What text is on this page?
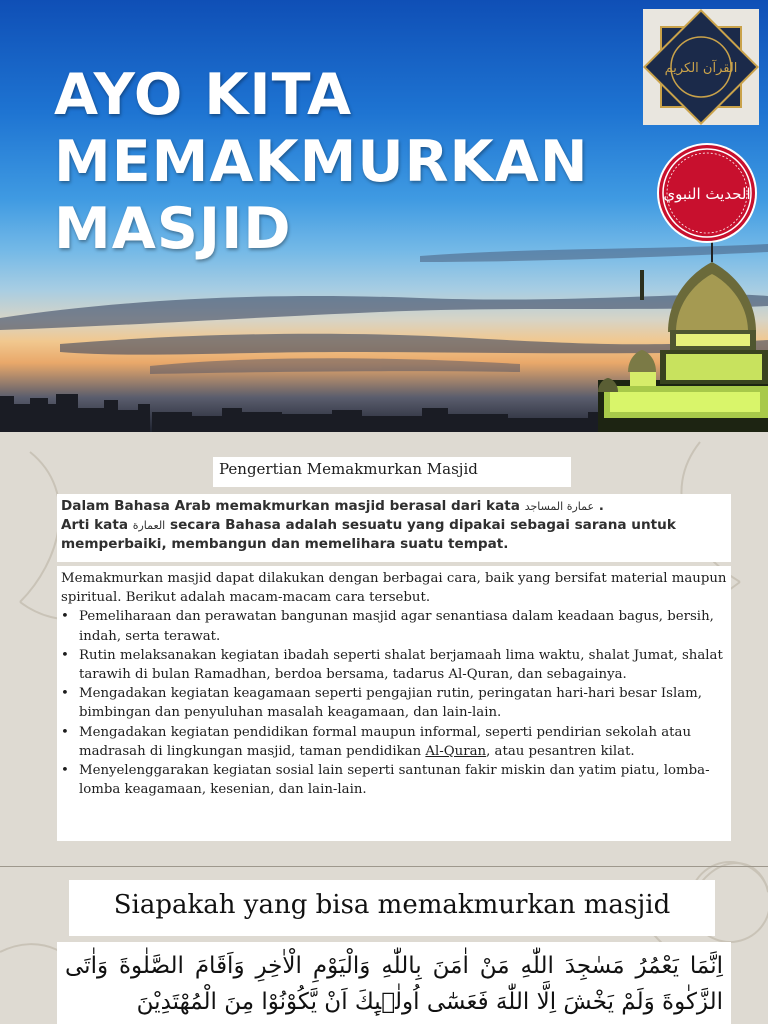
AYO KITA
MEMAKMURKAN
MASJID
القرآن الكريم
الحديث النبوي
Pengertian Memakmurkan Masjid

Dalam Bahasa Arab memakmurkan masjid berasal dari kata عمارة المساجد .

Arti kata العمارة secara Bahasa adalah sesuatu yang dipakai sebagai sarana untuk

memperbaiki, membangun dan memelihara suatu tempat.

Memakmurkan masjid dapat dilakukan dengan berbagai cara, baik yang bersifat material maupun spiritual. Berikut adalah macam-macam cara tersebut.

• Pemeliharaan dan perawatan bangunan masjid agar senantiasa dalam keadaan bagus, bersih, indah, serta terawat.
• Rutin melaksanakan kegiatan ibadah seperti shalat berjamaah lima waktu, shalat Jumat, shalat tarawih di bulan Ramadhan, berdoa bersama, tadarus Al-Quran, dan sebagainya.
• Mengadakan kegiatan keagamaan seperti pengajian rutin, peringatan hari-hari besar Islam, bimbingan dan penyuluhan masalah keagamaan, dan lain-lain.
• Mengadakan kegiatan pendidikan formal maupun informal, seperti pendirian sekolah atau madrasah di lingkungan masjid, taman pendidikan Al-Quran, atau pesantren kilat.
• Menyelenggarakan kegiatan sosial lain seperti santunan fakir miskin dan yatim piatu, lomba-lomba keagamaan, kesenian, dan lain-lain.
Siapakah yang bisa memakmurkan masjid
اِنَّمَا يَعْمُرُ مَسٰجِدَ اللّٰهِ مَنْ اٰمَنَ بِاللّٰهِ وَالْيَوْمِ الْاٰخِرِ وَاَقَامَ الصَّلٰوةَ وَاٰتَى الزَّكٰوةَ وَلَمْ يَخْشَ اِلَّا اللّٰهَ فَعَسٰٓى اُولٰۤىِٕكَ اَنْ يَّكُوْنُوْا مِنَ الْمُهْتَدِيْنَ
